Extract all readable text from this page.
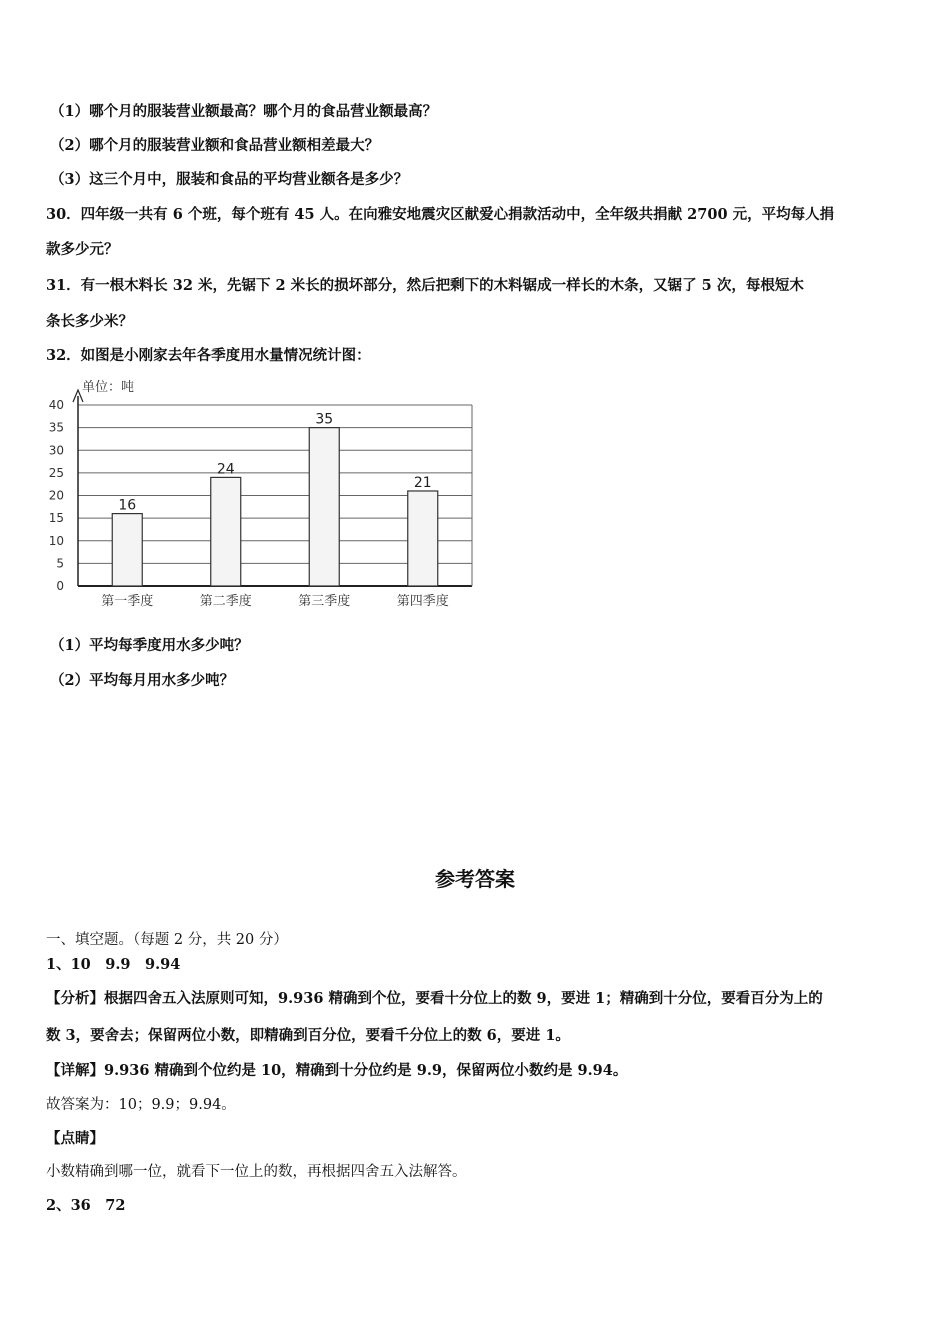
（1）哪个月的服装营业额最高？哪个月的食品营业额最高？
（2）哪个月的服装营业额和食品营业额相差最大？
（3）这三个月中，服装和食品的平均营业额各是多少？
30．四年级一共有 6 个班，每个班有 45 人。在向雅安地震灾区献爱心捐款活动中，全年级共捐献 2700 元，平均每人捐
款多少元？
31．有一根木料长 32 米，先锯下 2 米长的损坏部分，然后把剩下的木料锯成一样长的木条，又锯了 5 次，每根短木
条长多少米？
32．如图是小刚家去年各季度用水量情况统计图：
0
5
10
15
20
25
30
35
40
16
第一季度
24
第二季度
35
第三季度
21
第四季度
单位：吨
（1）平均每季度用水多少吨？
（2）平均每月用水多少吨？
参考答案
一、填空题。（每题 2 分，共 20 分）
1、10　9.9　9.94
【分析】根据四舍五入法原则可知，9.936 精确到个位，要看十分位上的数 9，要进 1；精确到十分位，要看百分为上的
数 3，要舍去；保留两位小数，即精确到百分位，要看千分位上的数 6，要进 1。
【详解】9.936 精确到个位约是 10，精确到十分位约是 9.9，保留两位小数约是 9.94。
故答案为：10；9.9；9.94。
【点睛】
小数精确到哪一位，就看下一位上的数，再根据四舍五入法解答。
2、36　72
